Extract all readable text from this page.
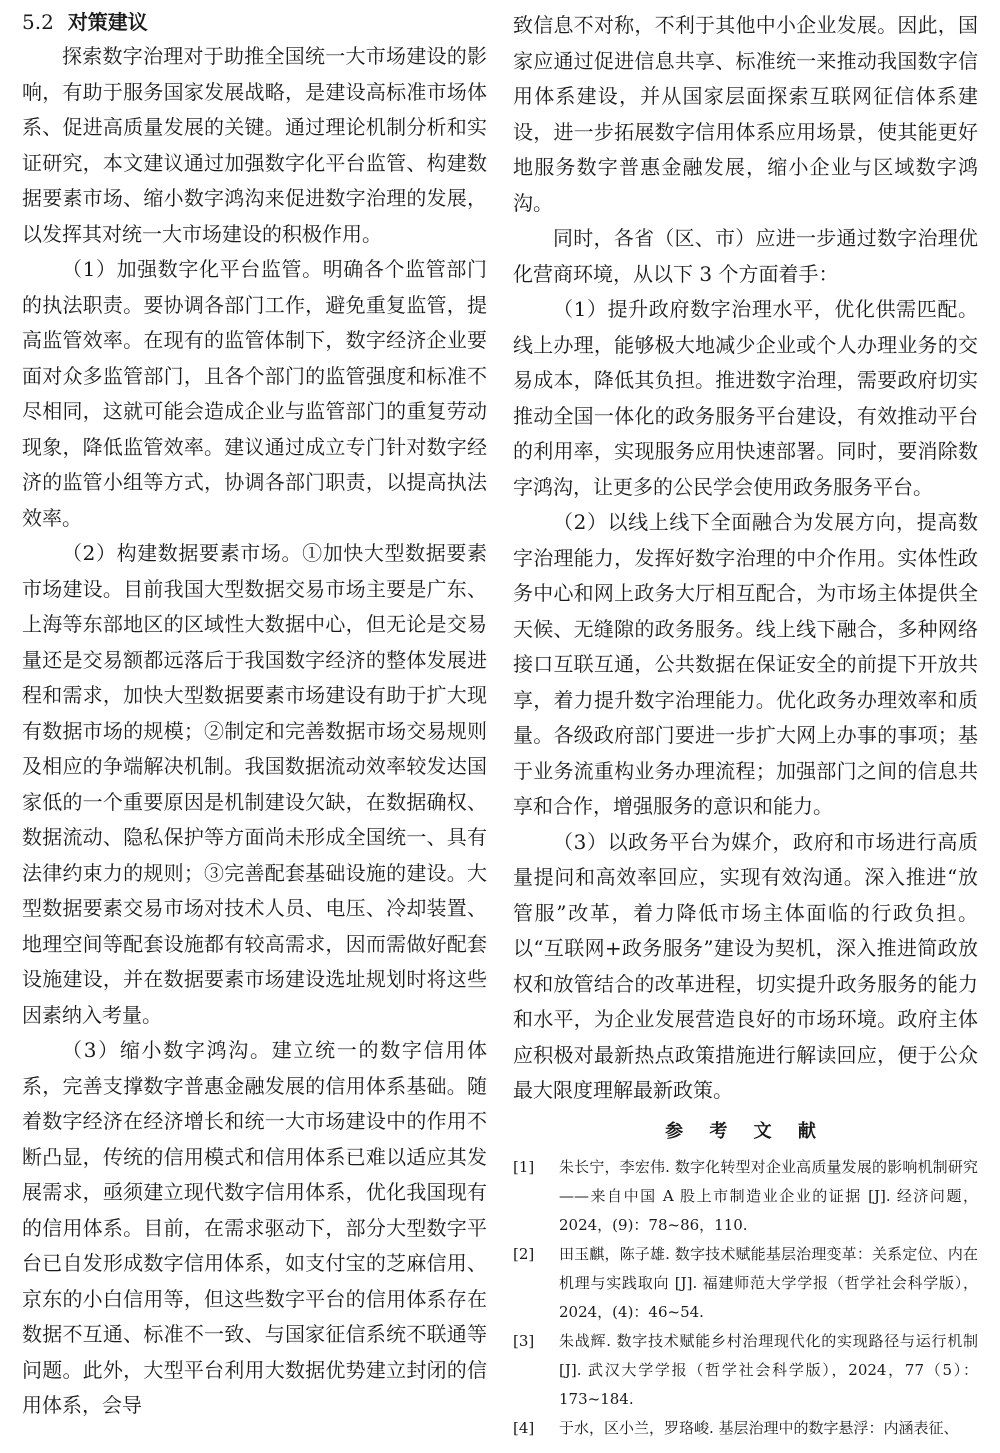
5.2 对策建议

探索数字治理对于助推全国统一大市场建设的影响，有助于服务国家发展战略，是建设高标准市场体系、促进高质量发展的关键。通过理论机制分析和实证研究，本文建议通过加强数字化平台监管、构建数据要素市场、缩小数字鸿沟来促进数字治理的发展，以发挥其对统一大市场建设的积极作用。

（1）加强数字化平台监管。明确各个监管部门的执法职责。要协调各部门工作，避免重复监管，提高监管效率。在现有的监管体制下，数字经济企业要面对众多监管部门，且各个部门的监管强度和标准不尽相同，这就可能会造成企业与监管部门的重复劳动现象，降低监管效率。建议通过成立专门针对数字经济的监管小组等方式，协调各部门职责，以提高执法效率。

（2）构建数据要素市场。①加快大型数据要素市场建设。目前我国大型数据交易市场主要是广东、上海等东部地区的区域性大数据中心，但无论是交易量还是交易额都远落后于我国数字经济的整体发展进程和需求，加快大型数据要素市场建设有助于扩大现有数据市场的规模；②制定和完善数据市场交易规则及相应的争端解决机制。我国数据流动效率较发达国家低的一个重要原因是机制建设欠缺，在数据确权、数据流动、隐私保护等方面尚未形成全国统一、具有法律约束力的规则；③完善配套基础设施的建设。大型数据要素交易市场对技术人员、电压、冷却装置、地理空间等配套设施都有较高需求，因而需做好配套设施建设，并在数据要素市场建设选址规划时将这些因素纳入考量。

（3）缩小数字鸿沟。建立统一的数字信用体系，完善支撑数字普惠金融发展的信用体系基础。随着数字经济在经济增长和统一大市场建设中的作用不断凸显，传统的信用模式和信用体系已难以适应其发展需求，亟须建立现代数字信用体系，优化我国现有的信用体系。目前，在需求驱动下，部分大型数字平台已自发形成数字信用体系，如支付宝的芝麻信用、京东的小白信用等，但这些数字平台的信用体系存在数据不互通、标准不一致、与国家征信系统不联通等问题。此外，大型平台利用大数据优势建立封闭的信用体系，会导

致信息不对称，不利于其他中小企业发展。因此，国家应通过促进信息共享、标准统一来推动我国数字信用体系建设，并从国家层面探索互联网征信体系建设，进一步拓展数字信用体系应用场景，使其能更好地服务数字普惠金融发展，缩小企业与区域数字鸿沟。

同时，各省（区、市）应进一步通过数字治理优化营商环境，从以下 3 个方面着手：

（1）提升政府数字治理水平，优化供需匹配。线上办理，能够极大地减少企业或个人办理业务的交易成本，降低其负担。推进数字治理，需要政府切实推动全国一体化的政务服务平台建设，有效推动平台的利用率，实现服务应用快速部署。同时，要消除数字鸿沟，让更多的公民学会使用政务服务平台。

（2）以线上线下全面融合为发展方向，提高数字治理能力，发挥好数字治理的中介作用。实体性政务中心和网上政务大厅相互配合，为市场主体提供全天候、无缝隙的政务服务。线上线下融合，多种网络接口互联互通，公共数据在保证安全的前提下开放共享，着力提升数字治理能力。优化政务办理效率和质量。各级政府部门要进一步扩大网上办事的事项；基于业务流重构业务办理流程；加强部门之间的信息共享和合作，增强服务的意识和能力。

（3）以政务平台为媒介，政府和市场进行高质量提问和高效率回应，实现有效沟通。深入推进“放管服”改革，着力降低市场主体面临的行政负担。以“互联网+政务服务”建设为契机，深入推进简政放权和放管结合的改革进程，切实提升政务服务的能力和水平，为企业发展营造良好的市场环境。政府主体应积极对最新热点政策措施进行解读回应，便于公众最大限度理解最新政策。

参 考 文 献
[1] 朱长宁，李宏伟. 数字化转型对企业高质量发展的影响机制研究——来自中国 A 股上市制造业企业的证据 [J]. 经济问题，2024，(9)：78~86，110.
[2] 田玉麒，陈子雄. 数字技术赋能基层治理变革：关系定位、内在机理与实践取向 [J]. 福建师范大学学报（哲学社会科学版），2024，(4)：46~54.
[3] 朱战辉. 数字技术赋能乡村治理现代化的实现路径与运行机制 [J]. 武汉大学学报（哲学社会科学版），2024，77（5）：173~184.
[4] 于水，区小兰，罗珞峻. 基层治理中的数字悬浮：内涵表征、
